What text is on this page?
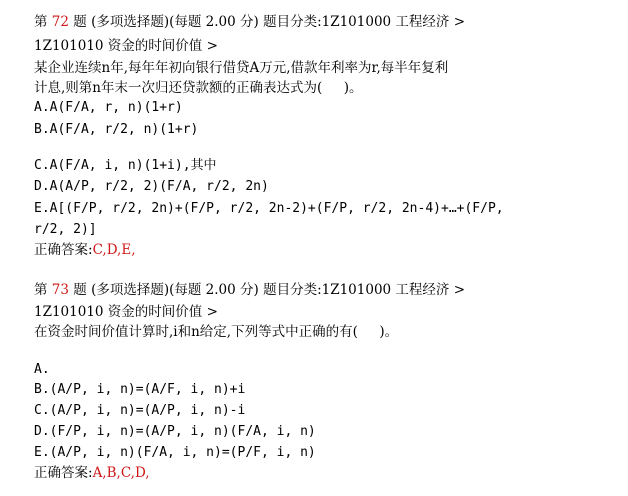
第 72 题 (多项选择题)(每题 2.00 分) 题目分类:1Z101000 工程经济 >
1Z101010 资金的时间价值 >
某企业连续n年,每年年初向银行借贷A万元,借款年利率为r,每半年复利
计息,则第n年末一次归还贷款额的正确表达式为(     )。
A.A(F/A, r, n)(1+r)
B.A(F/A, r/2, n)(1+r)
C.A(F/A, i, n)(1+i),其中
D.A(A/P, r/2, 2)(F/A, r/2, 2n)
E.A[(F/P, r/2, 2n)+(F/P, r/2, 2n-2)+(F/P, r/2, 2n-4)+…+(F/P,
r/2, 2)]
正确答案:C,D,E,
第 73 题 (多项选择题)(每题 2.00 分) 题目分类:1Z101000 工程经济 >
1Z101010 资金的时间价值 >
在资金时间价值计算时,i和n给定,下列等式中正确的有(     )。
A.
B.(A/P, i, n)=(A/F, i, n)+i
C.(A/P, i, n)=(A/P, i, n)-i
D.(F/P, i, n)=(A/P, i, n)(F/A, i, n)
E.(A/P, i, n)(F/A, i, n)=(P/F, i, n)
正确答案:A,B,C,D,
